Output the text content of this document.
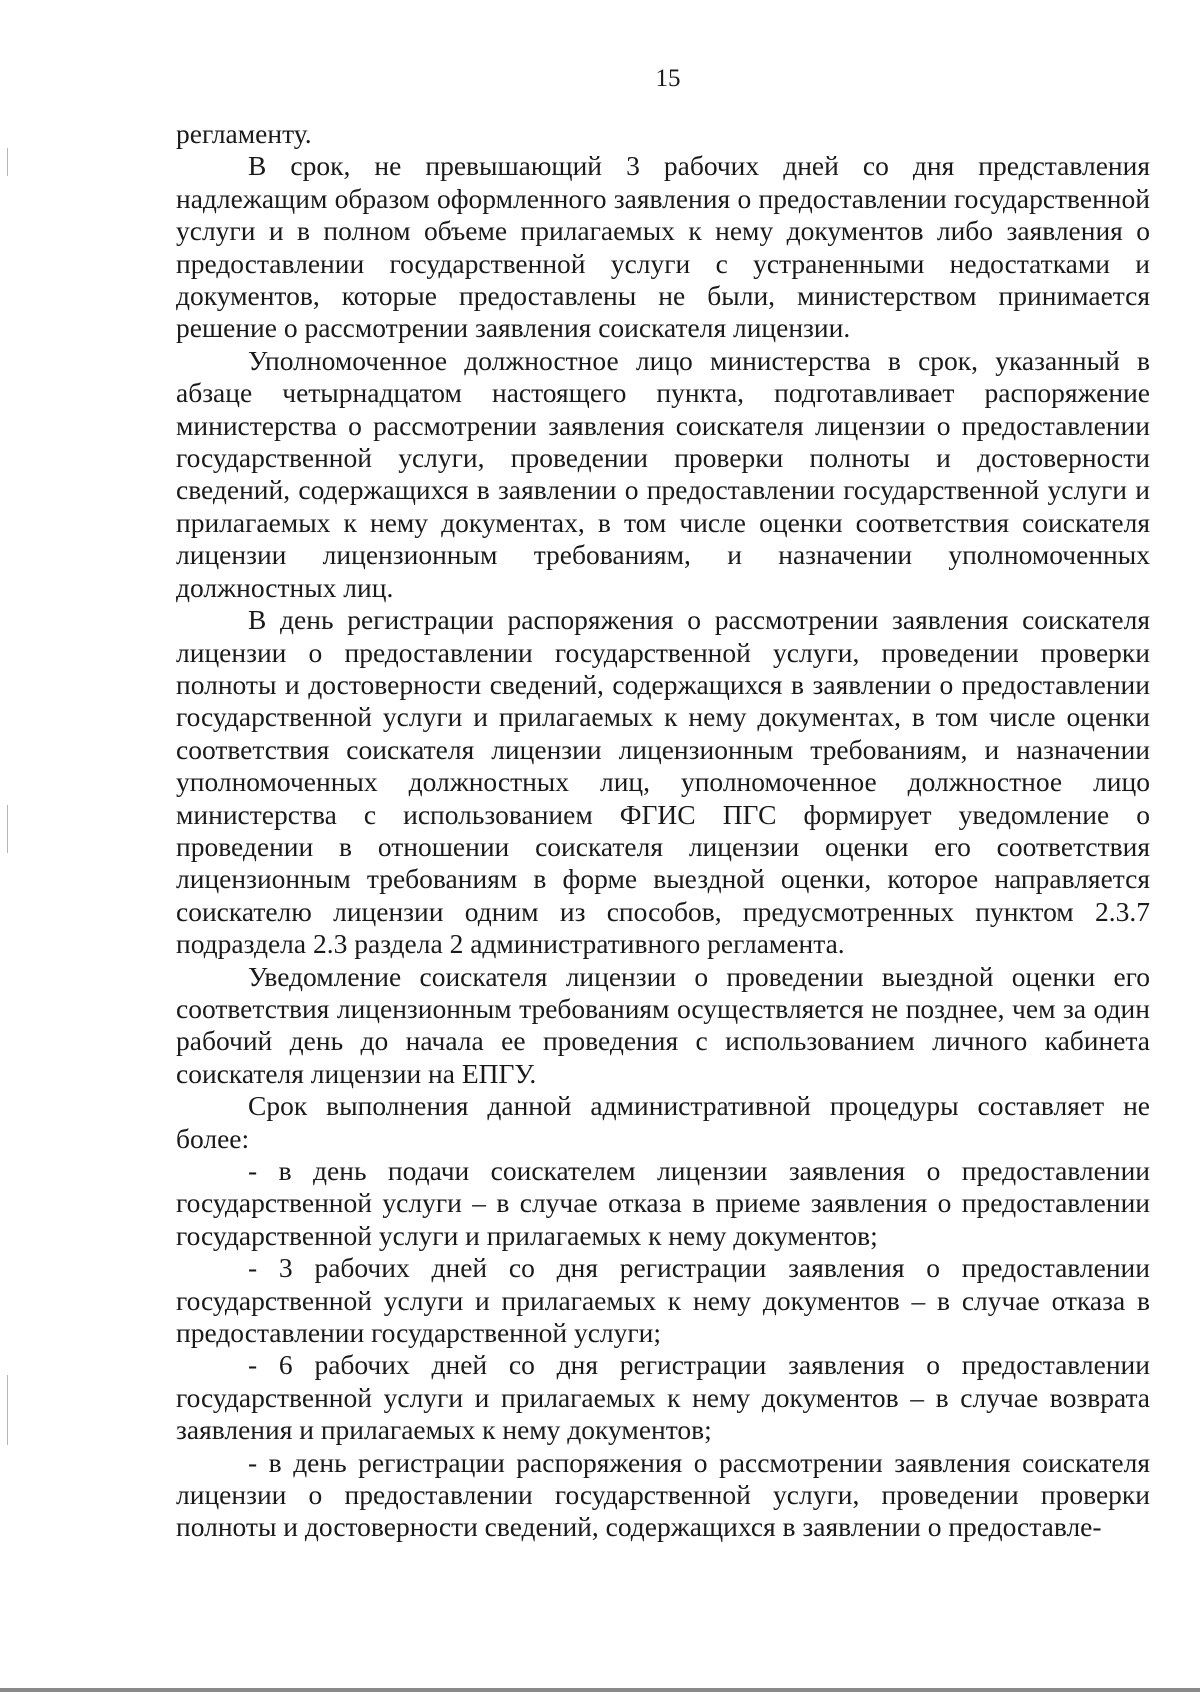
15

регламенту.

В срок, не превышающий 3 рабочих дней со дня представления надлежащим образом оформленного заявления о предоставлении государственной услуги и в полном объеме прилагаемых к нему документов либо заявления о предоставлении государственной услуги с устраненными недостатками и документов, которые предоставлены не были, министерством принимается решение о рассмотрении заявления соискателя лицензии.

Уполномоченное должностное лицо министерства в срок, указанный в абзаце четырнадцатом настоящего пункта, подготавливает распоряжение министерства о рассмотрении заявления соискателя лицензии о предоставлении государственной услуги, проведении проверки полноты и достоверности сведений, содержащихся в заявлении о предоставлении государственной услуги и прилагаемых к нему документах, в том числе оценки соответствия соискателя лицензии лицензионным требованиям, и назначении уполномоченных должностных лиц.

В день регистрации распоряжения о рассмотрении заявления соискателя лицензии о предоставлении государственной услуги, проведении проверки полноты и достоверности сведений, содержащихся в заявлении о предоставлении государственной услуги и прилагаемых к нему документах, в том числе оценки соответствия соискателя лицензии лицензионным требованиям, и назначении уполномоченных должностных лиц, уполномоченное должностное лицо министерства с использованием ФГИС ПГС формирует уведомление о проведении в отношении соискателя лицензии оценки его соответствия лицензионным требованиям в форме выездной оценки, которое направляется соискателю лицензии одним из способов, предусмотренных пунктом 2.3.7 подраздела 2.3 раздела 2 административного регламента.

Уведомление соискателя лицензии о проведении выездной оценки его соответствия лицензионным требованиям осуществляется не позднее, чем за один рабочий день до начала ее проведения с использованием личного кабинета соискателя лицензии на ЕПГУ.

Срок выполнения данной административной процедуры составляет не более:

- в день подачи соискателем лицензии заявления о предоставлении государственной услуги – в случае отказа в приеме заявления о предоставлении государственной услуги и прилагаемых к нему документов;

- 3 рабочих дней со дня регистрации заявления о предоставлении государственной услуги и прилагаемых к нему документов – в случае отказа в предоставлении государственной услуги;

- 6 рабочих дней со дня регистрации заявления о предоставлении государственной услуги и прилагаемых к нему документов – в случае возврата заявления и прилагаемых к нему документов;

- в день регистрации распоряжения о рассмотрении заявления соискателя лицензии о предоставлении государственной услуги, проведении проверки полноты и достоверности сведений, содержащихся в заявлении о предоставле-
